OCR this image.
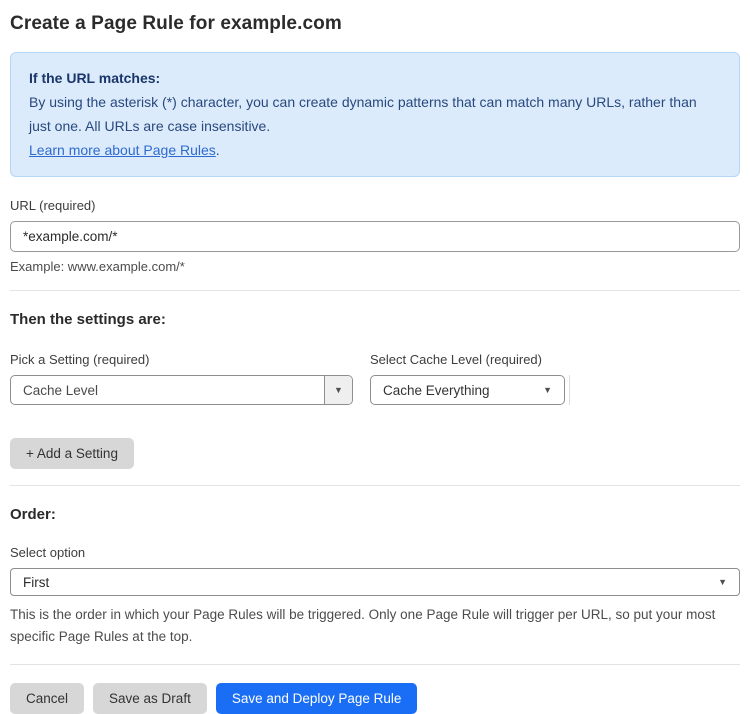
Create a Page Rule for example.com
If the URL matches:
By using the asterisk (*) character, you can create dynamic patterns that can match many URLs, rather than just one. All URLs are case insensitive.
Learn more about Page Rules.
URL (required)
*example.com/*
Example: www.example.com/*
Then the settings are:
Pick a Setting (required)
Cache Level	▼
Select Cache Level (required)
Cache Everything	▼
+ Add a Setting
Order:
Select option
First	▼
This is the order in which your Page Rules will be triggered. Only one Page Rule will trigger per URL, so put your most specific Page Rules at the top.
Cancel	Save as Draft	Save and Deploy Page Rule
